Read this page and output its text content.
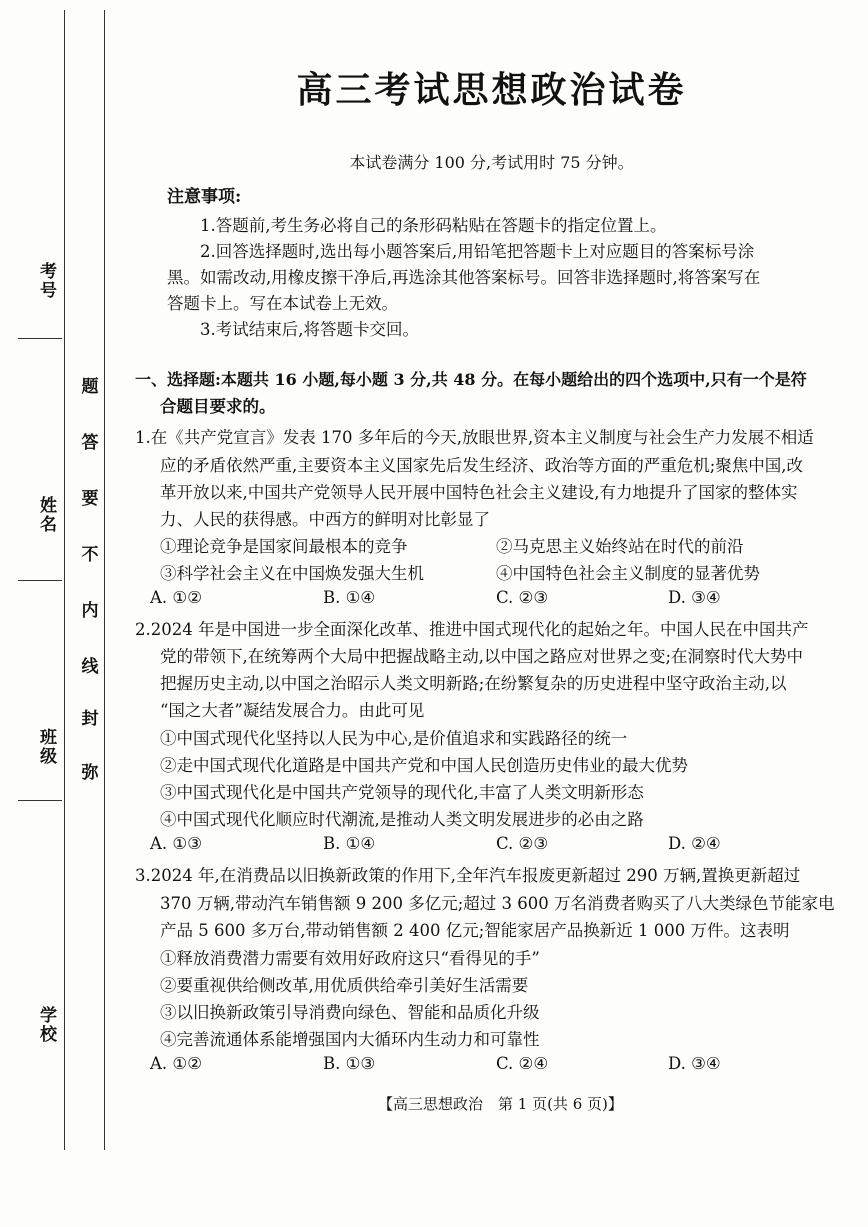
考号
姓名
班级
学校
题
答
要
不
内
线
封
弥
高三考试思想政治试卷
本试卷满分 100 分,考试用时 75 分钟。
注意事项:
1.答题前,考生务必将自己的条形码粘贴在答题卡的指定位置上。
2.回答选择题时,选出每小题答案后,用铅笔把答题卡上对应题目的答案标号涂
黑。如需改动,用橡皮擦干净后,再选涂其他答案标号。回答非选择题时,将答案写在
答题卡上。写在本试卷上无效。
3.考试结束后,将答题卡交回。
一、选择题:本题共 16 小题,每小题 3 分,共 48 分。在每小题给出的四个选项中,只有一个是符
合题目要求的。
1.在《共产党宣言》发表 170 多年后的今天,放眼世界,资本主义制度与社会生产力发展不相适
应的矛盾依然严重,主要资本主义国家先后发生经济、政治等方面的严重危机;聚焦中国,改
革开放以来,中国共产党领导人民开展中国特色社会主义建设,有力地提升了国家的整体实
力、人民的获得感。中西方的鲜明对比彰显了
①理论竞争是国家间最根本的竞争	②马克思主义始终站在时代的前沿
③科学社会主义在中国焕发强大生机	④中国特色社会主义制度的显著优势
A. ①②	B. ①④	C. ②③	D. ③④
2.2024 年是中国进一步全面深化改革、推进中国式现代化的起始之年。中国人民在中国共产
党的带领下,在统筹两个大局中把握战略主动,以中国之路应对世界之变;在洞察时代大势中
把握历史主动,以中国之治昭示人类文明新路;在纷繁复杂的历史进程中坚守政治主动,以
“国之大者”凝结发展合力。由此可见
①中国式现代化坚持以人民为中心,是价值追求和实践路径的统一
②走中国式现代化道路是中国共产党和中国人民创造历史伟业的最大优势
③中国式现代化是中国共产党领导的现代化,丰富了人类文明新形态
④中国式现代化顺应时代潮流,是推动人类文明发展进步的必由之路
A. ①③	B. ①④	C. ②③	D. ②④
3.2024 年,在消费品以旧换新政策的作用下,全年汽车报废更新超过 290 万辆,置换更新超过
370 万辆,带动汽车销售额 9 200 多亿元;超过 3 600 万名消费者购买了八大类绿色节能家电
产品 5 600 多万台,带动销售额 2 400 亿元;智能家居产品换新近 1 000 万件。这表明
①释放消费潜力需要有效用好政府这只“看得见的手”
②要重视供给侧改革,用优质供给牵引美好生活需要
③以旧换新政策引导消费向绿色、智能和品质化升级
④完善流通体系能增强国内大循环内生动力和可靠性
A. ①②	B. ①③	C. ②④	D. ③④
【高三思想政治　第 1 页(共 6 页)】
